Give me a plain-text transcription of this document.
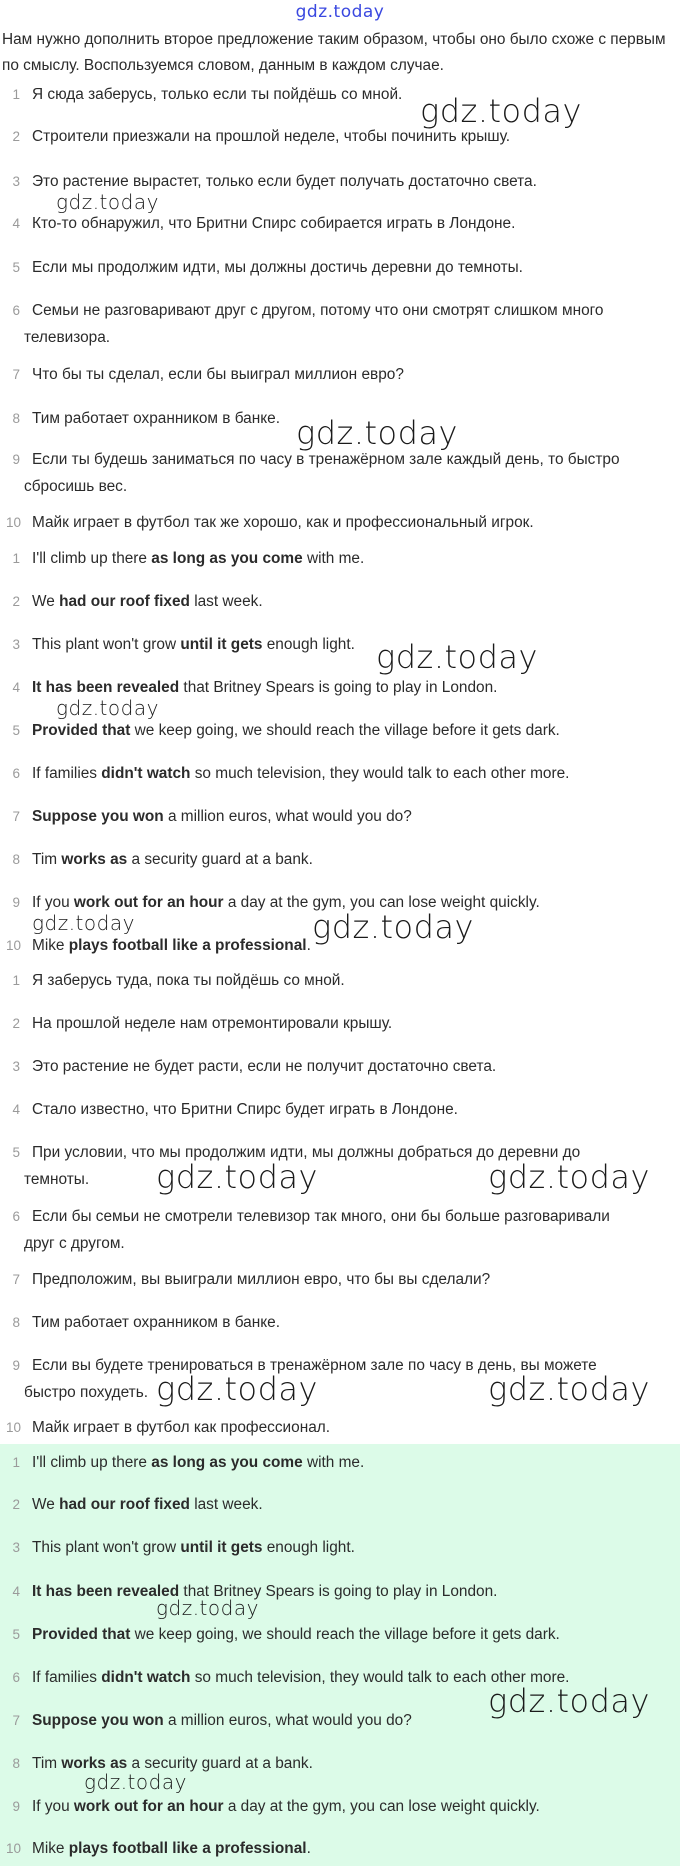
gdz.today
Нам нужно дополнить второе предложение таким образом, чтобы оно было схоже с первым по смыслу. Воспользуемся словом, данным в каждом случае.
1 Я сюда заберусь, только если ты пойдёшь со мной.
2 Строители приезжали на прошлой неделе, чтобы починить крышу.
3 Это растение вырастет, только если будет получать достаточно света.
4 Кто-то обнаружил, что Бритни Спирс собирается играть в Лондоне.
5 Если мы продолжим идти, мы должны достичь деревни до темноты.
6 Семьи не разговаривают друг с другом, потому что они смотрят слишком много
телевизора.
7 Что бы ты сделал, если бы выиграл миллион евро?
8 Тим работает охранником в банке.
9 Если ты будешь заниматься по часу в тренажёрном зале каждый день, то быстро
сбросишь вес.
10 Майк играет в футбол так же хорошо, как и профессиональный игрок.
1 I'll climb up there as long as you come with me.
2 We had our roof fixed last week.
3 This plant won't grow until it gets enough light.
4 It has been revealed that Britney Spears is going to play in London.
5 Provided that we keep going, we should reach the village before it gets dark.
6 If families didn't watch so much television, they would talk to each other more.
7 Suppose you won a million euros, what would you do?
8 Tim works as a security guard at a bank.
9 If you work out for an hour a day at the gym, you can lose weight quickly.
10 Mike plays football like a professional.
1 Я заберусь туда, пока ты пойдёшь со мной.
2 На прошлой неделе нам отремонтировали крышу.
3 Это растение не будет расти, если не получит достаточно света.
4 Стало известно, что Бритни Спирс будет играть в Лондоне.
5 При условии, что мы продолжим идти, мы должны добраться до деревни до
темноты.
6 Если бы семьи не смотрели телевизор так много, они бы больше разговаривали
друг с другом.
7 Предположим, вы выиграли миллион евро, что бы вы сделали?
8 Тим работает охранником в банке.
9 Если вы будете тренироваться в тренажёрном зале по часу в день, вы можете
быстро похудеть.
10 Майк играет в футбол как профессионал.
1 I'll climb up there as long as you come with me.
2 We had our roof fixed last week.
3 This plant won't grow until it gets enough light.
4 It has been revealed that Britney Spears is going to play in London.
5 Provided that we keep going, we should reach the village before it gets dark.
6 If families didn't watch so much television, they would talk to each other more.
7 Suppose you won a million euros, what would you do?
8 Tim works as a security guard at a bank.
9 If you work out for an hour a day at the gym, you can lose weight quickly.
10 Mike plays football like a professional.
gdz.today
gdz.today
gdz.today
gdz.today
gdz.today
gdz.today	gdz.today
gdz.today	gdz.today
gdz.today	gdz.today
gdz.today
gdz.today
gdz.today
